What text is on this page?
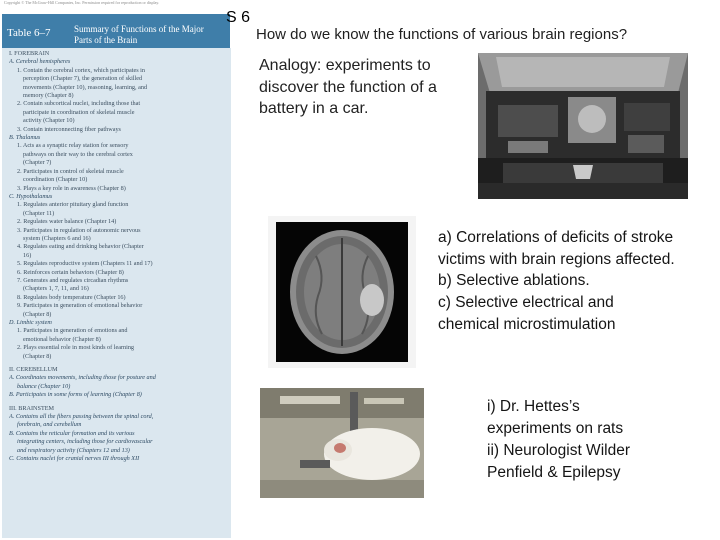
Copyright © The McGraw-Hill Companies, Inc. Permission required for reproduction or display.
Table 6–7	Summary of Functions of the Major
Parts of the Brain
I. FOREBRAIN
A. Cerebral hemispheres
1. Contain the cerebral cortex, which participates in
perception (Chapter 7), the generation of skilled
movements (Chapter 10), reasoning, learning, and
memory (Chapter 8)
2. Contain subcortical nuclei, including those that
participate in coordination of skeletal muscle
activity (Chapter 10)
3. Contain interconnecting fiber pathways
B. Thalamus
1. Acts as a synaptic relay station for sensory
pathways on their way to the cerebral cortex
(Chapter 7)
2. Participates in control of skeletal muscle
coordination (Chapter 10)
3. Plays a key role in awareness (Chapter 8)
C. Hypothalamus
1. Regulates anterior pituitary gland function
(Chapter 11)
2. Regulates water balance (Chapter 14)
3. Participates in regulation of autonomic nervous
system (Chapters 6 and 16)
4. Regulates eating and drinking behavior (Chapter
16)
5. Regulates reproductive system (Chapters 11 and 17)
6. Reinforces certain behaviors (Chapter 8)
7. Generates and regulates circadian rhythms
(Chapters 1, 7, 11, and 16)
8. Regulates body temperature (Chapter 16)
9. Participates in generation of emotional behavior
(Chapter 8)
D. Limbic system
1. Participates in generation of emotions and
emotional behavior (Chapter 8)
2. Plays essential role in most kinds of learning
(Chapter 8)
II. CEREBELLUM
A. Coordinates movements, including those for posture and
balance (Chapter 10)
B. Participates in some forms of learning (Chapter 8)
III. BRAINSTEM
A. Contains all the fibers passing between the spinal cord,
forebrain, and cerebellum
B. Contains the reticular formation and its various
integrating centers, including those for cardiovascular
and respiratory activity (Chapters 12 and 13)
C. Contains nuclei for cranial nerves III through XII
S 6
How do we know the functions of various brain regions?
Analogy: experiments to
discover the function of a
battery in a car.
a) Correlations of deficits of stroke
victims with brain regions affected.
b) Selective ablations.
c) Selective electrical and
chemical microstimulation
i) Dr. Hettes’s
experiments on rats
ii) Neurologist Wilder
Penfield & Epilepsy
